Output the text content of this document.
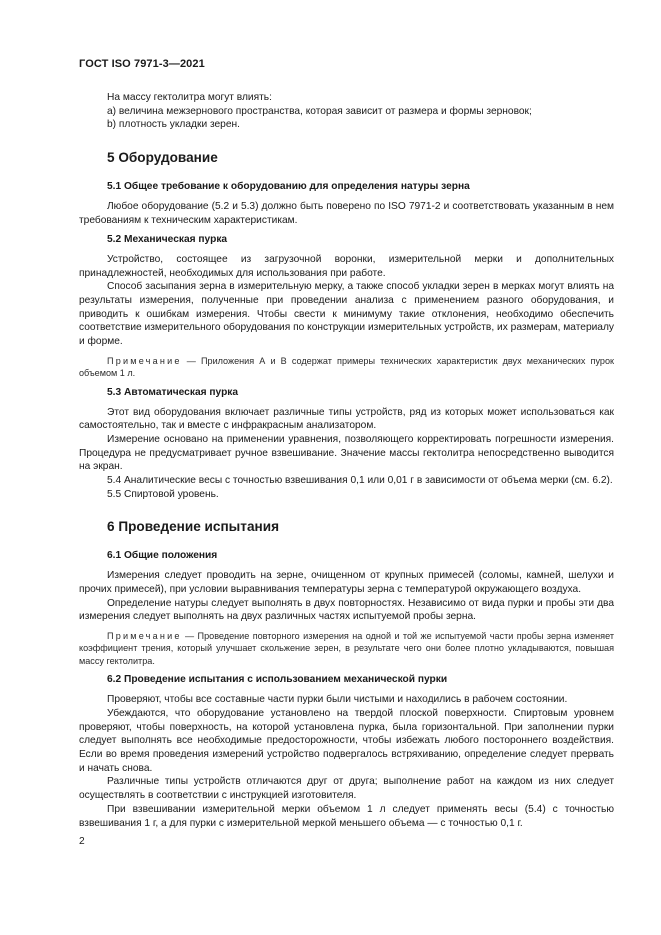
ГОСТ ISO 7971-3—2021

На массу гектолитра могут влиять:

a) величина межзернового пространства, которая зависит от размера и формы зерновок;

b) плотность укладки зерен.

5 Оборудование

5.1 Общее требование к оборудованию для определения натуры зерна

Любое оборудование (5.2 и 5.3) должно быть поверено по ISO 7971-2 и соответствовать указанным в нем требованиям к техническим характеристикам.

5.2 Механическая пурка

Устройство, состоящее из загрузочной воронки, измерительной мерки и дополнительных принадлежностей, необходимых для использования при работе.

Способ засыпания зерна в измерительную мерку, а также способ укладки зерен в мерках могут влиять на результаты измерения, полученные при проведении анализа с применением разного оборудования, и приводить к ошибкам измерения. Чтобы свести к минимуму такие отклонения, необходимо обеспечить соответствие измерительного оборудования по конструкции измерительных устройств, их размерам, материалу и форме.

Примечание — Приложения А и В содержат примеры технических характеристик двух механических пурок объемом 1 л.

5.3 Автоматическая пурка

Этот вид оборудования включает различные типы устройств, ряд из которых может использоваться как самостоятельно, так и вместе с инфракрасным анализатором.

Измерение основано на применении уравнения, позволяющего корректировать погрешности измерения. Процедура не предусматривает ручное взвешивание. Значение массы гектолитра непосредственно выводится на экран.

5.4 Аналитические весы с точностью взвешивания 0,1 или 0,01 г в зависимости от объема мерки (см. 6.2).

5.5 Спиртовой уровень.

6 Проведение испытания

6.1 Общие положения

Измерения следует проводить на зерне, очищенном от крупных примесей (соломы, камней, шелухи и прочих примесей), при условии выравнивания температуры зерна с температурой окружающего воздуха.

Определение натуры следует выполнять в двух повторностях. Независимо от вида пурки и пробы эти два измерения следует выполнять на двух различных частях испытуемой пробы зерна.

Примечание — Проведение повторного измерения на одной и той же испытуемой части пробы зерна изменяет коэффициент трения, который улучшает скольжение зерен, в результате чего они более плотно укладываются, повышая массу гектолитра.

6.2 Проведение испытания с использованием механической пурки

Проверяют, чтобы все составные части пурки были чистыми и находились в рабочем состоянии.

Убеждаются, что оборудование установлено на твердой плоской поверхности. Спиртовым уровнем проверяют, чтобы поверхность, на которой установлена пурка, была горизонтальной. При заполнении пурки следует выполнять все необходимые предосторожности, чтобы избежать любого постороннего воздействия. Если во время проведения измерений устройство подвергалось встряхиванию, определение следует прервать и начать снова.

Различные типы устройств отличаются друг от друга; выполнение работ на каждом из них следует осуществлять в соответствии с инструкцией изготовителя.

При взвешивании измерительной мерки объемом 1 л следует применять весы (5.4) с точностью взвешивания 1 г, а для пурки с измерительной меркой меньшего объема — с точностью 0,1 г.

2
